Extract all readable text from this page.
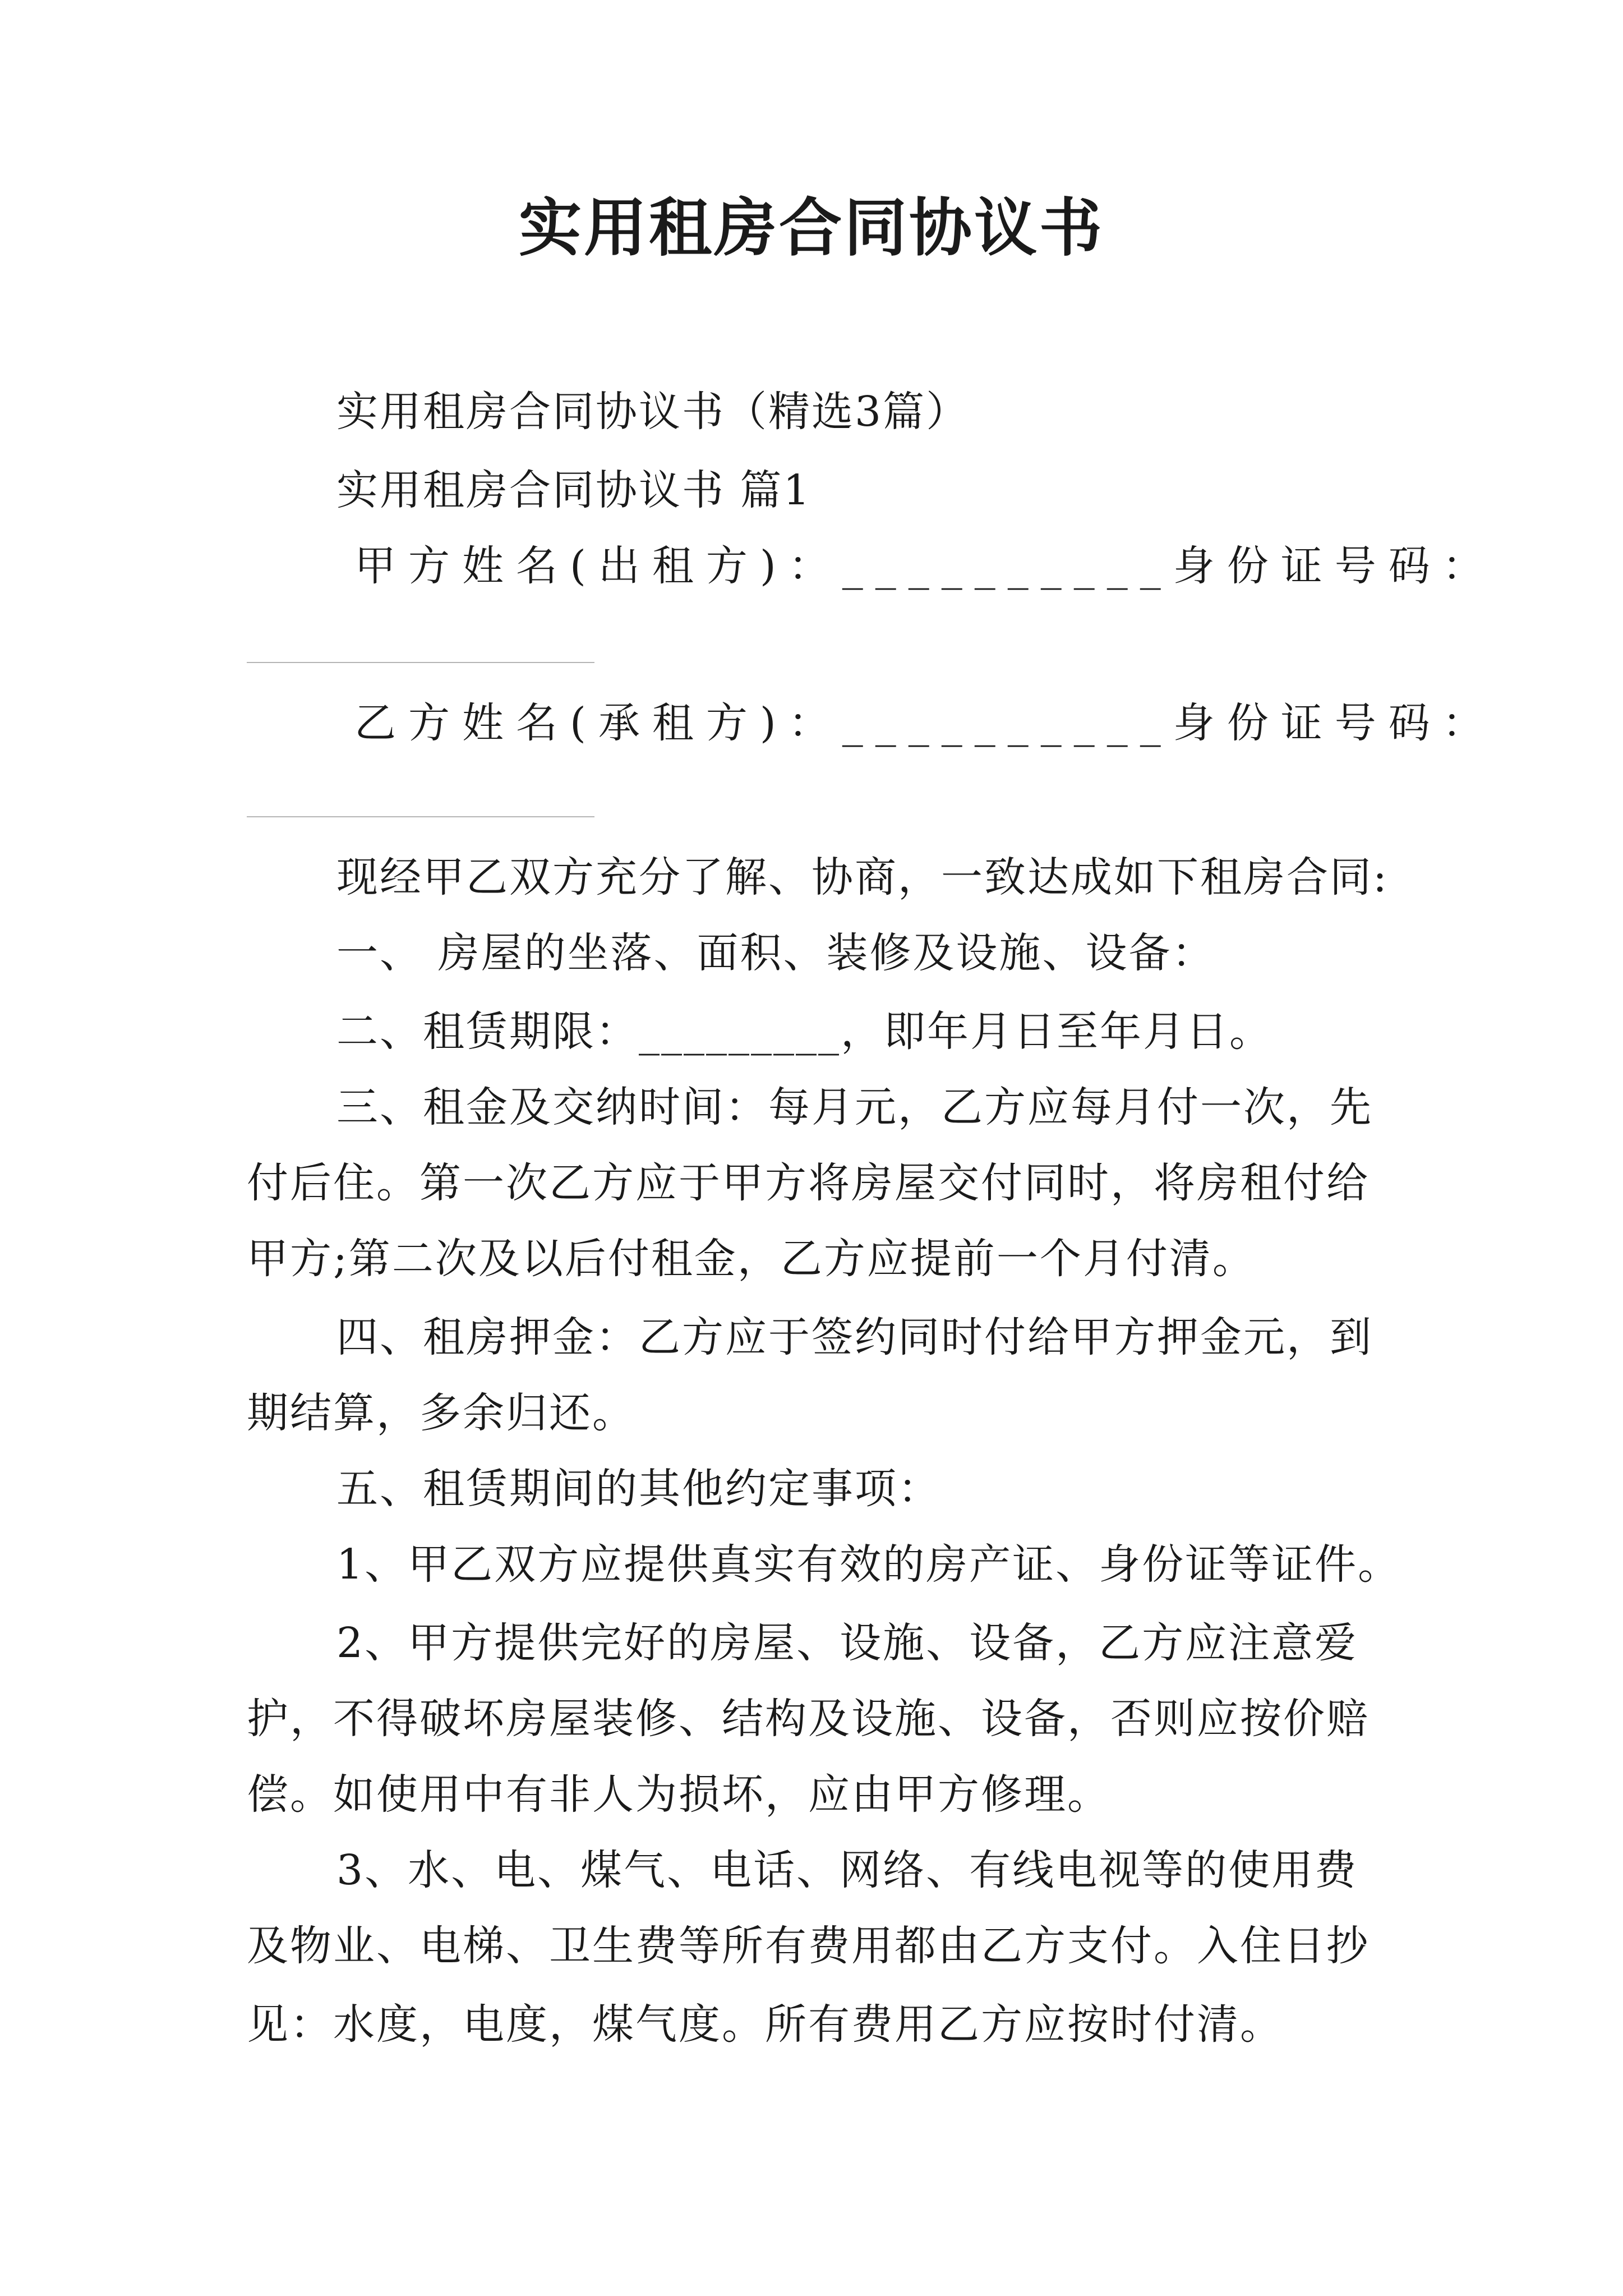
实用租房合同协议书
实用租房合同协议书（精选3篇）
实用租房合同协议书 篇1
甲方姓名(出租方)：__________身份证号码：
乙方姓名(承租方)：__________身份证号码：
现经甲乙双方充分了解、协商，一致达成如下租房合同:
一、 房屋的坐落、面积、装修及设施、设备：
二、租赁期限：_________，即年月日至年月日。
三、租金及交纳时间：每月元，乙方应每月付一次，先
付后住。第一次乙方应于甲方将房屋交付同时，将房租付给
甲方;第二次及以后付租金，乙方应提前一个月付清。
四、租房押金：乙方应于签约同时付给甲方押金元，到
期结算，多余归还。
五、租赁期间的其他约定事项：
1、甲乙双方应提供真实有效的房产证、身份证等证件。
2、甲方提供完好的房屋、设施、设备，乙方应注意爱
护，不得破坏房屋装修、结构及设施、设备，否则应按价赔
偿。如使用中有非人为损坏，应由甲方修理。
3、水、电、煤气、电话、网络、有线电视等的使用费
及物业、电梯、卫生费等所有费用都由乙方支付。入住日抄
见：水度，电度，煤气度。所有费用乙方应按时付清。
